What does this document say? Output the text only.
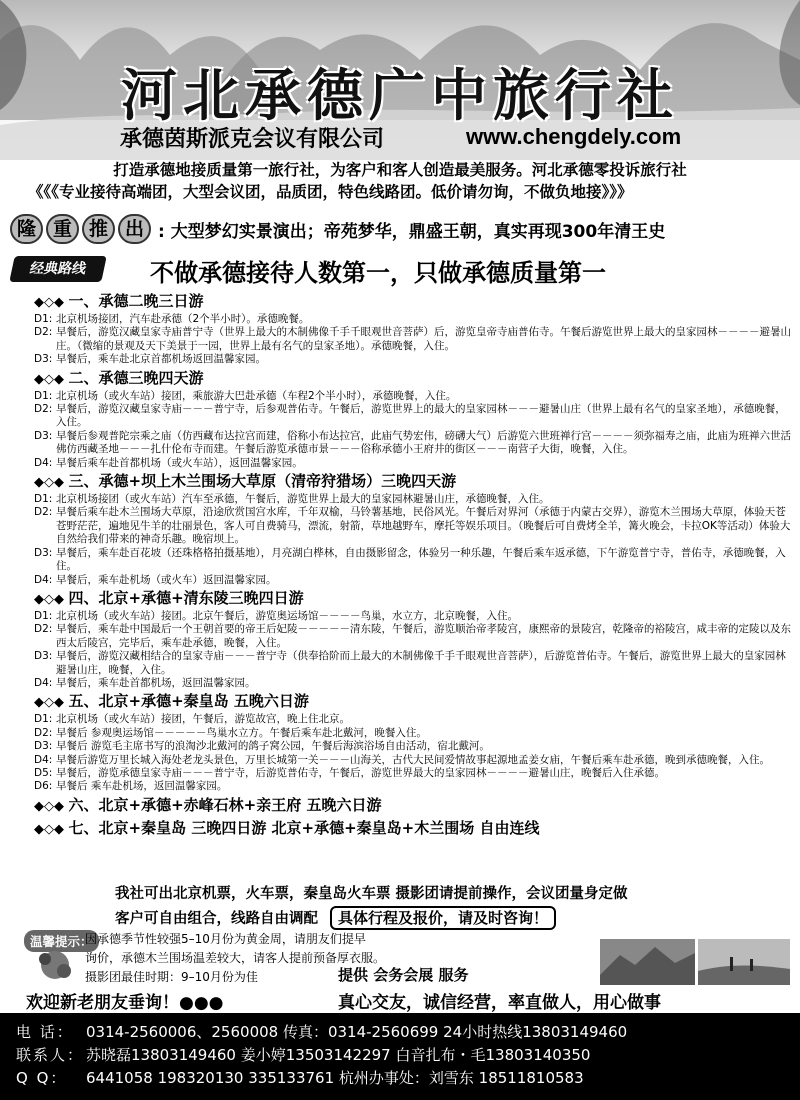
河北承德广中旅行社
承德茵斯派克会议有限公司	www.chengdely.com
打造承德地接质量第一旅行社，为客户和客人创造最美服务。河北承德零投诉旅行社
《《《专业接待高端团，大型会议团，品质团，特色线路团。低价请勿询，不做负地接》》》
隆 重 推 出 : 大型梦幻实景演出；帝苑梦华，鼎盛王朝，真实再现300年清王史
经典路线	不做承德接待人数第一，只做承德质量第一
◆◇◆ 一、承德二晚三日游
D1: 北京机场接团，汽车赴承德（2个半小时）。承德晚餐。
D2: 早餐后，游览汉藏皇家寺庙普宁寺（世界上最大的木制佛像千手千眼观世音菩萨）后，游览皇帝寺庙普佑寺。午餐后游览世界上最大的皇家园林－－－－避暑山庄。（微缩的景观及天下美景于一园，世界上最有名气的皇家圣地）。承德晚餐，入住。
D3: 早餐后，乘车赴北京首都机场返回温馨家园。
◆◇◆ 二、承德三晚四天游
D1: 北京机场（或火车站）接团，乘旅游大巴赴承德（车程2个半小时），承德晚餐，入住。
D2: 早餐后，游览汉藏皇家寺庙－－－普宁寺，后参观普佑寺。午餐后，游览世界上的最大的皇家园林－－－避暑山庄（世界上最有名气的皇家圣地），承德晚餐，入住。
D3: 早餐后参观普陀宗乘之庙（仿西藏布达拉宫而建，俗称小布达拉宫，此庙气势宏伟，磅礴大气）后游览六世班禅行宫－－－－须弥福寿之庙，此庙为班禅六世活佛仿西藏圣地－－－扎什伦布寺而建。午餐后游览承德市景－－－俗称承德小王府井的街区－－－南营子大街，晚餐，入住。
D4: 早餐后乘车赴首都机场（或火车站），返回温馨家园。
◆◇◆ 三、承德+坝上木兰围场大草原（清帝狩猎场）三晚四天游
D1: 北京机场接团（或火车站）汽车至承德，午餐后，游览世界上最大的皇家园林避暑山庄，承德晚餐，入住。
D2: 早餐后乘车赴木兰围场大草原，沿途欣赏国宫水库，千年双榆，马铃薯基地，民俗风光。午餐后对界河（承德于内蒙古交界），游览木兰围场大草原，体验天苍苍野茫茫，遍地见牛羊的壮丽景色，客人可自费骑马，漂流，射箭，草地越野车，摩托等娱乐项目。（晚餐后可自费烤全羊，篝火晚会，卡拉OK等活动）体验大自然给我们带来的神奇乐趣。晚宿坝上。
D3: 早餐后，乘车赴百花坡（还珠格格拍摄基地），月亮湖白桦林，自由摄影留念，体验另一种乐趣，午餐后乘车返承德，下午游览普宁寺，普佑寺，承德晚餐，入住。
D4: 早餐后，乘车赴机场（或火车）返回温馨家园。
◆◇◆ 四、北京+承德+清东陵三晚四日游
D1: 北京机场（或火车站）接团。北京午餐后，游览奥运场馆－－－－鸟巢，水立方，北京晚餐，入住。
D2: 早餐后，乘车赴中国最后一个王朝首要的帝王后妃陵－－－－－清东陵，午餐后，游览顺治帝孝陵宫，康熙帝的景陵宫，乾隆帝的裕陵宫，咸丰帝的定陵以及东西太后陵宫，完毕后，乘车赴承德，晚餐，入住。
D3: 早餐后，游览汉藏相结合的皇家寺庙－－－普宁寺（供奉拾阶而上最大的木制佛像千手千眼观世音菩萨），后游览普佑寺。午餐后，游览世界上最大的皇家园林避暑山庄，晚餐，入住。
D4: 早餐后，乘车赴首都机场，返回温馨家园。
◆◇◆ 五、北京+承德+秦皇岛 五晚六日游
D1: 北京机场（或火车站）接团，午餐后，游览故宫，晚上住北京。
D2: 早餐后 参观奥运场馆－－－－－鸟巢水立方。午餐后乘车赴北戴河，晚餐入住。
D3: 早餐后 游览毛主席书写的浪淘沙北戴河的鸽子窝公园，午餐后海滨浴场自由活动，宿北戴河。
D4: 早餐后游览万里长城入海处老龙头景色，万里长城第一关－－－山海关，古代大民间爱情故事起源地孟姜女庙，午餐后乘车赴承德，晚到承德晚餐，入住。
D5: 早餐后，游览承德皇家寺庙－－－普宁寺，后游览普佑寺，午餐后，游览世界最大的皇家园林－－－－避暑山庄，晚餐后入住承德。
D6: 早餐后 乘车赴机场，返回温馨家园。
◆◇◆ 六、北京+承德+赤峰石林+亲王府 五晚六日游
◆◇◆ 七、北京+秦皇岛 三晚四日游 北京+承德+秦皇岛+木兰围场 自由连线
我社可出北京机票，火车票，秦皇岛火车票 摄影团请提前操作，会议团量身定做
客户可自由组合，线路自由调配 具体行程及报价，请及时咨询！
温馨提示：
因承德季节性较强5–10月份为黄金周，请朋友们提早
询价，承德木兰围场温差较大，请客人提前预备厚衣服。
摄影团最佳时期：9–10月份为佳	提供 会务会展 服务
欢迎新老朋友垂询！●●●	真心交友，诚信经营，率直做人，用心做事
电 话： 0314-2560006、2560008 传真：0314-2560699 24小时热线13803149460
联系人： 苏晓磊13803149460 姜小婷13503142297 白音扎布・毛13803140350
Q Q：	6441058 198320130 335133761 杭州办事处：刘雪东 18511810583
